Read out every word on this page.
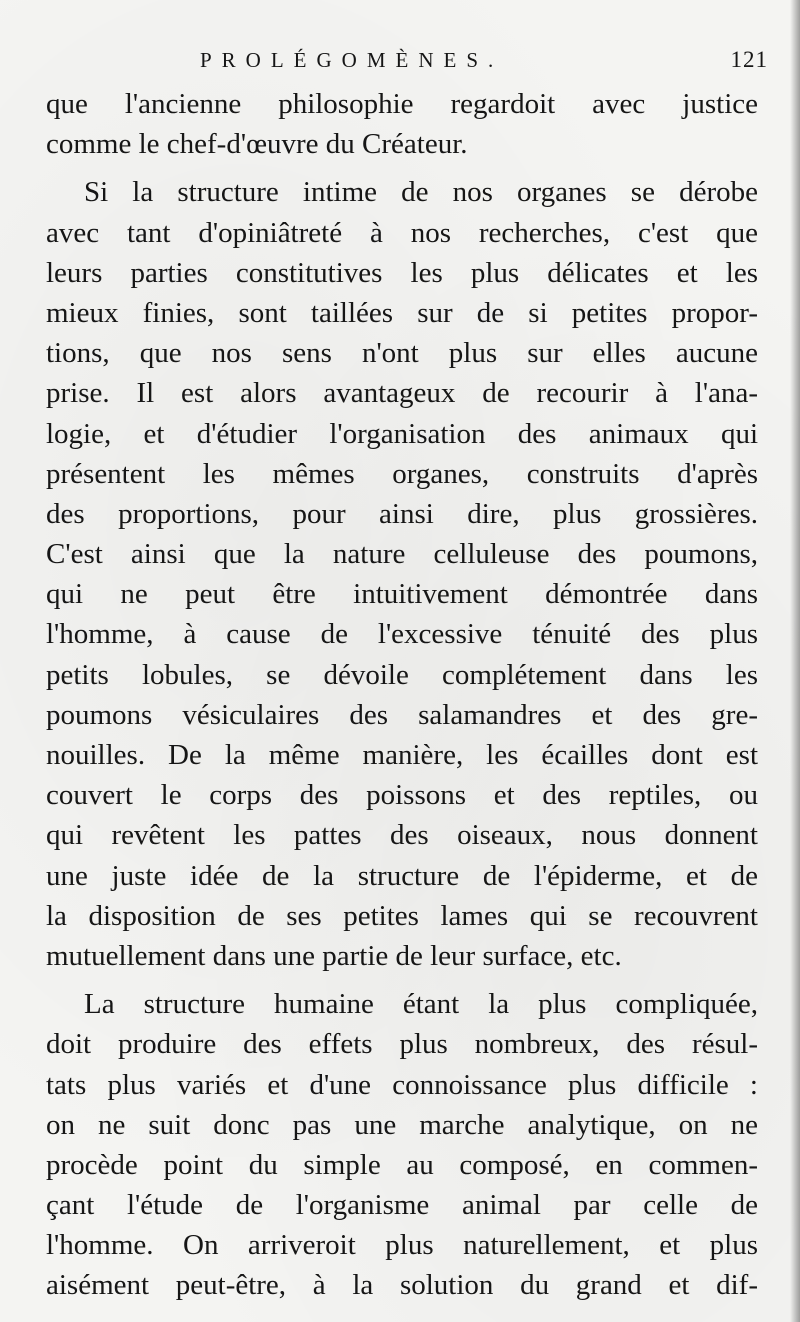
PROLÉGOMÈNES.	121
que l'ancienne philosophie regardoit avec justice
comme le chef-d'œuvre du Créateur.
Si la structure intime de nos organes se dérobe
avec tant d'opiniâtreté à nos recherches, c'est que
leurs parties constitutives les plus délicates et les
mieux finies, sont taillées sur de si petites propor-
tions, que nos sens n'ont plus sur elles aucune
prise. Il est alors avantageux de recourir à l'ana-
logie, et d'étudier l'organisation des animaux qui
présentent les mêmes organes, construits d'après
des proportions, pour ainsi dire, plus grossières.
C'est ainsi que la nature celluleuse des poumons,
qui ne peut être intuitivement démontrée dans
l'homme, à cause de l'excessive ténuité des plus
petits lobules, se dévoile complétement dans les
poumons vésiculaires des salamandres et des gre-
nouilles. De la même manière, les écailles dont est
couvert le corps des poissons et des reptiles, ou
qui revêtent les pattes des oiseaux, nous donnent
une juste idée de la structure de l'épiderme, et de
la disposition de ses petites lames qui se recouvrent
mutuellement dans une partie de leur surface, etc.
La structure humaine étant la plus compliquée,
doit produire des effets plus nombreux, des résul-
tats plus variés et d'une connoissance plus difficile :
on ne suit donc pas une marche analytique, on ne
procède point du simple au composé, en commen-
çant l'étude de l'organisme animal par celle de
l'homme. On arriveroit plus naturellement, et plus
aisément peut-être, à la solution du grand et dif-
